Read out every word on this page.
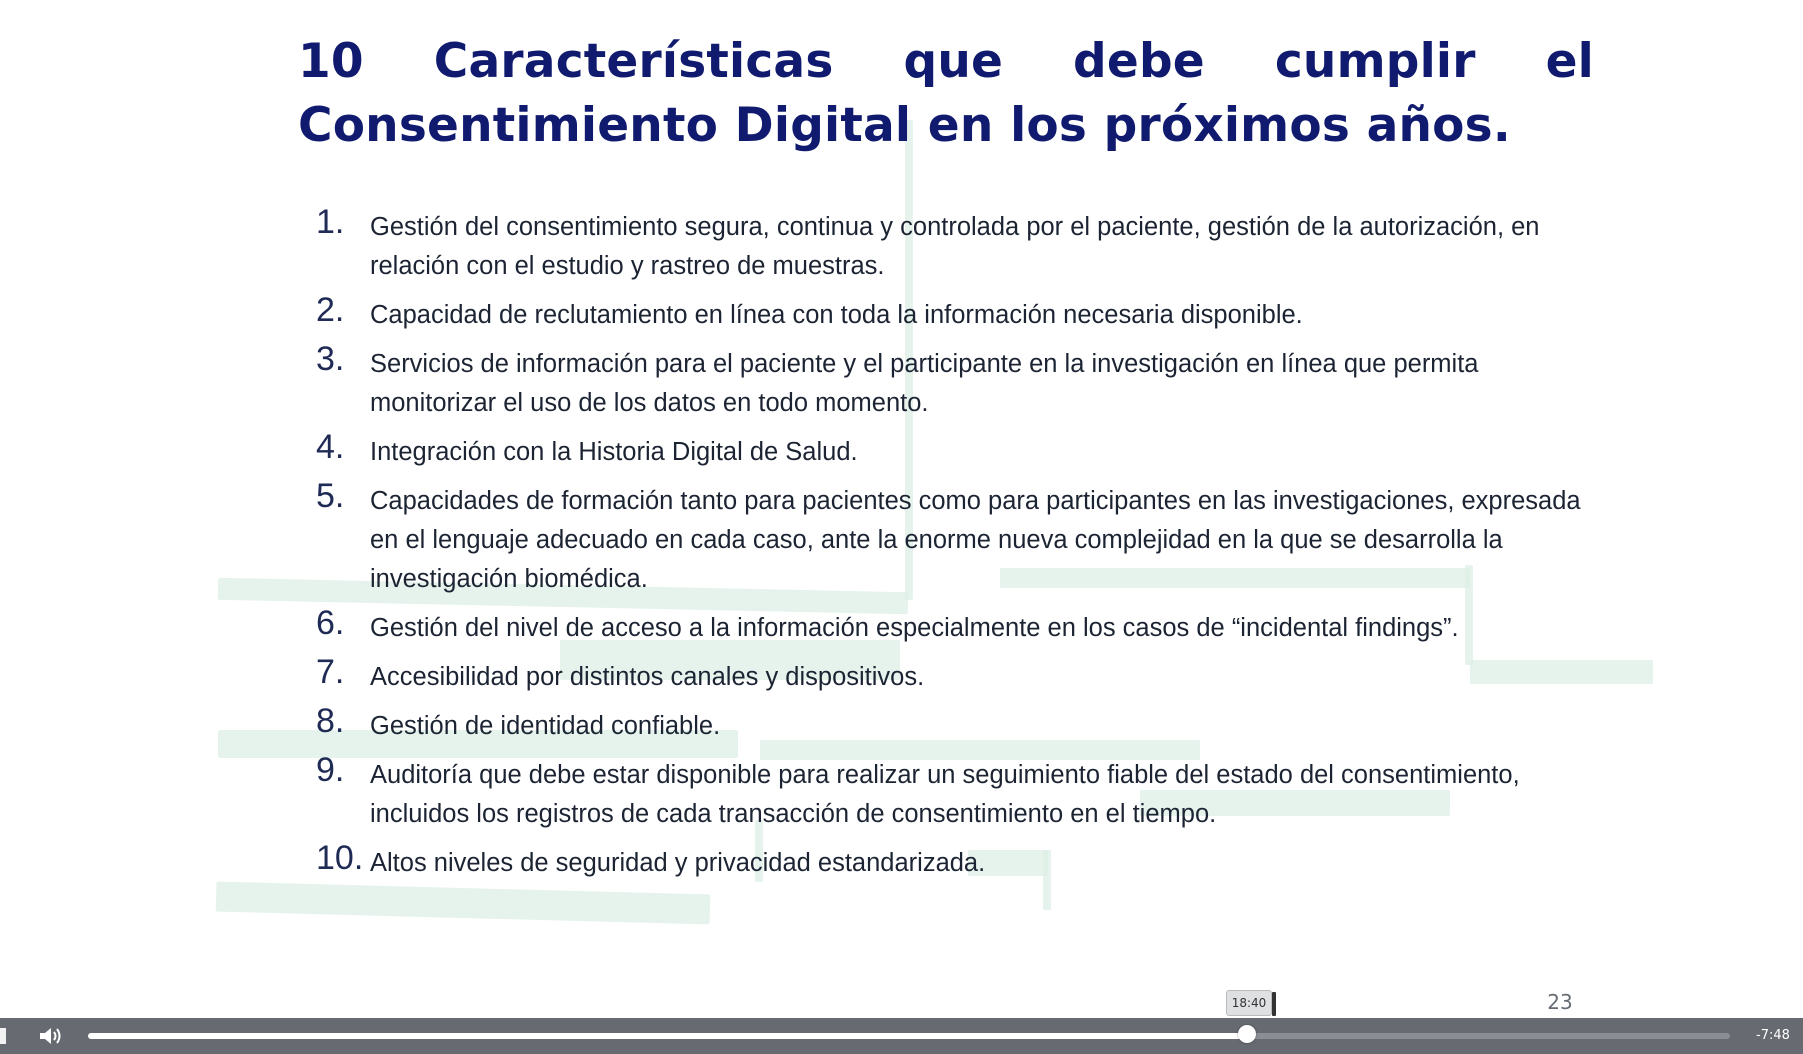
10 Características que debe cumplir el Consentimiento Digital en los próximos años.
1.	Gestión del consentimiento segura, continua y controlada por el paciente, gestión de la autorización, en relación con el estudio y rastreo de muestras.
2.	Capacidad de reclutamiento en línea con toda la información necesaria disponible.
3.	Servicios de información para el paciente y el participante en la investigación en línea que permita monitorizar el uso de los datos en todo momento.
4.	Integración con la Historia Digital de Salud.
5.	Capacidades de formación tanto para pacientes como para participantes en las investigaciones, expresada en el lenguaje adecuado en cada caso, ante la enorme nueva complejidad en la que se desarrolla la investigación biomédica.
6.	Gestión del nivel de acceso a la información especialmente en los casos de “incidental findings”.
7.	Accesibilidad por distintos canales y dispositivos.
8.	Gestión de identidad confiable.
9.	Auditoría que debe estar disponible para realizar un seguimiento fiable del estado del consentimiento, incluidos los registros de cada transacción de consentimiento en el tiempo.
10. Altos niveles de seguridad y privacidad estandarizada.
23
18:40
-7:48
